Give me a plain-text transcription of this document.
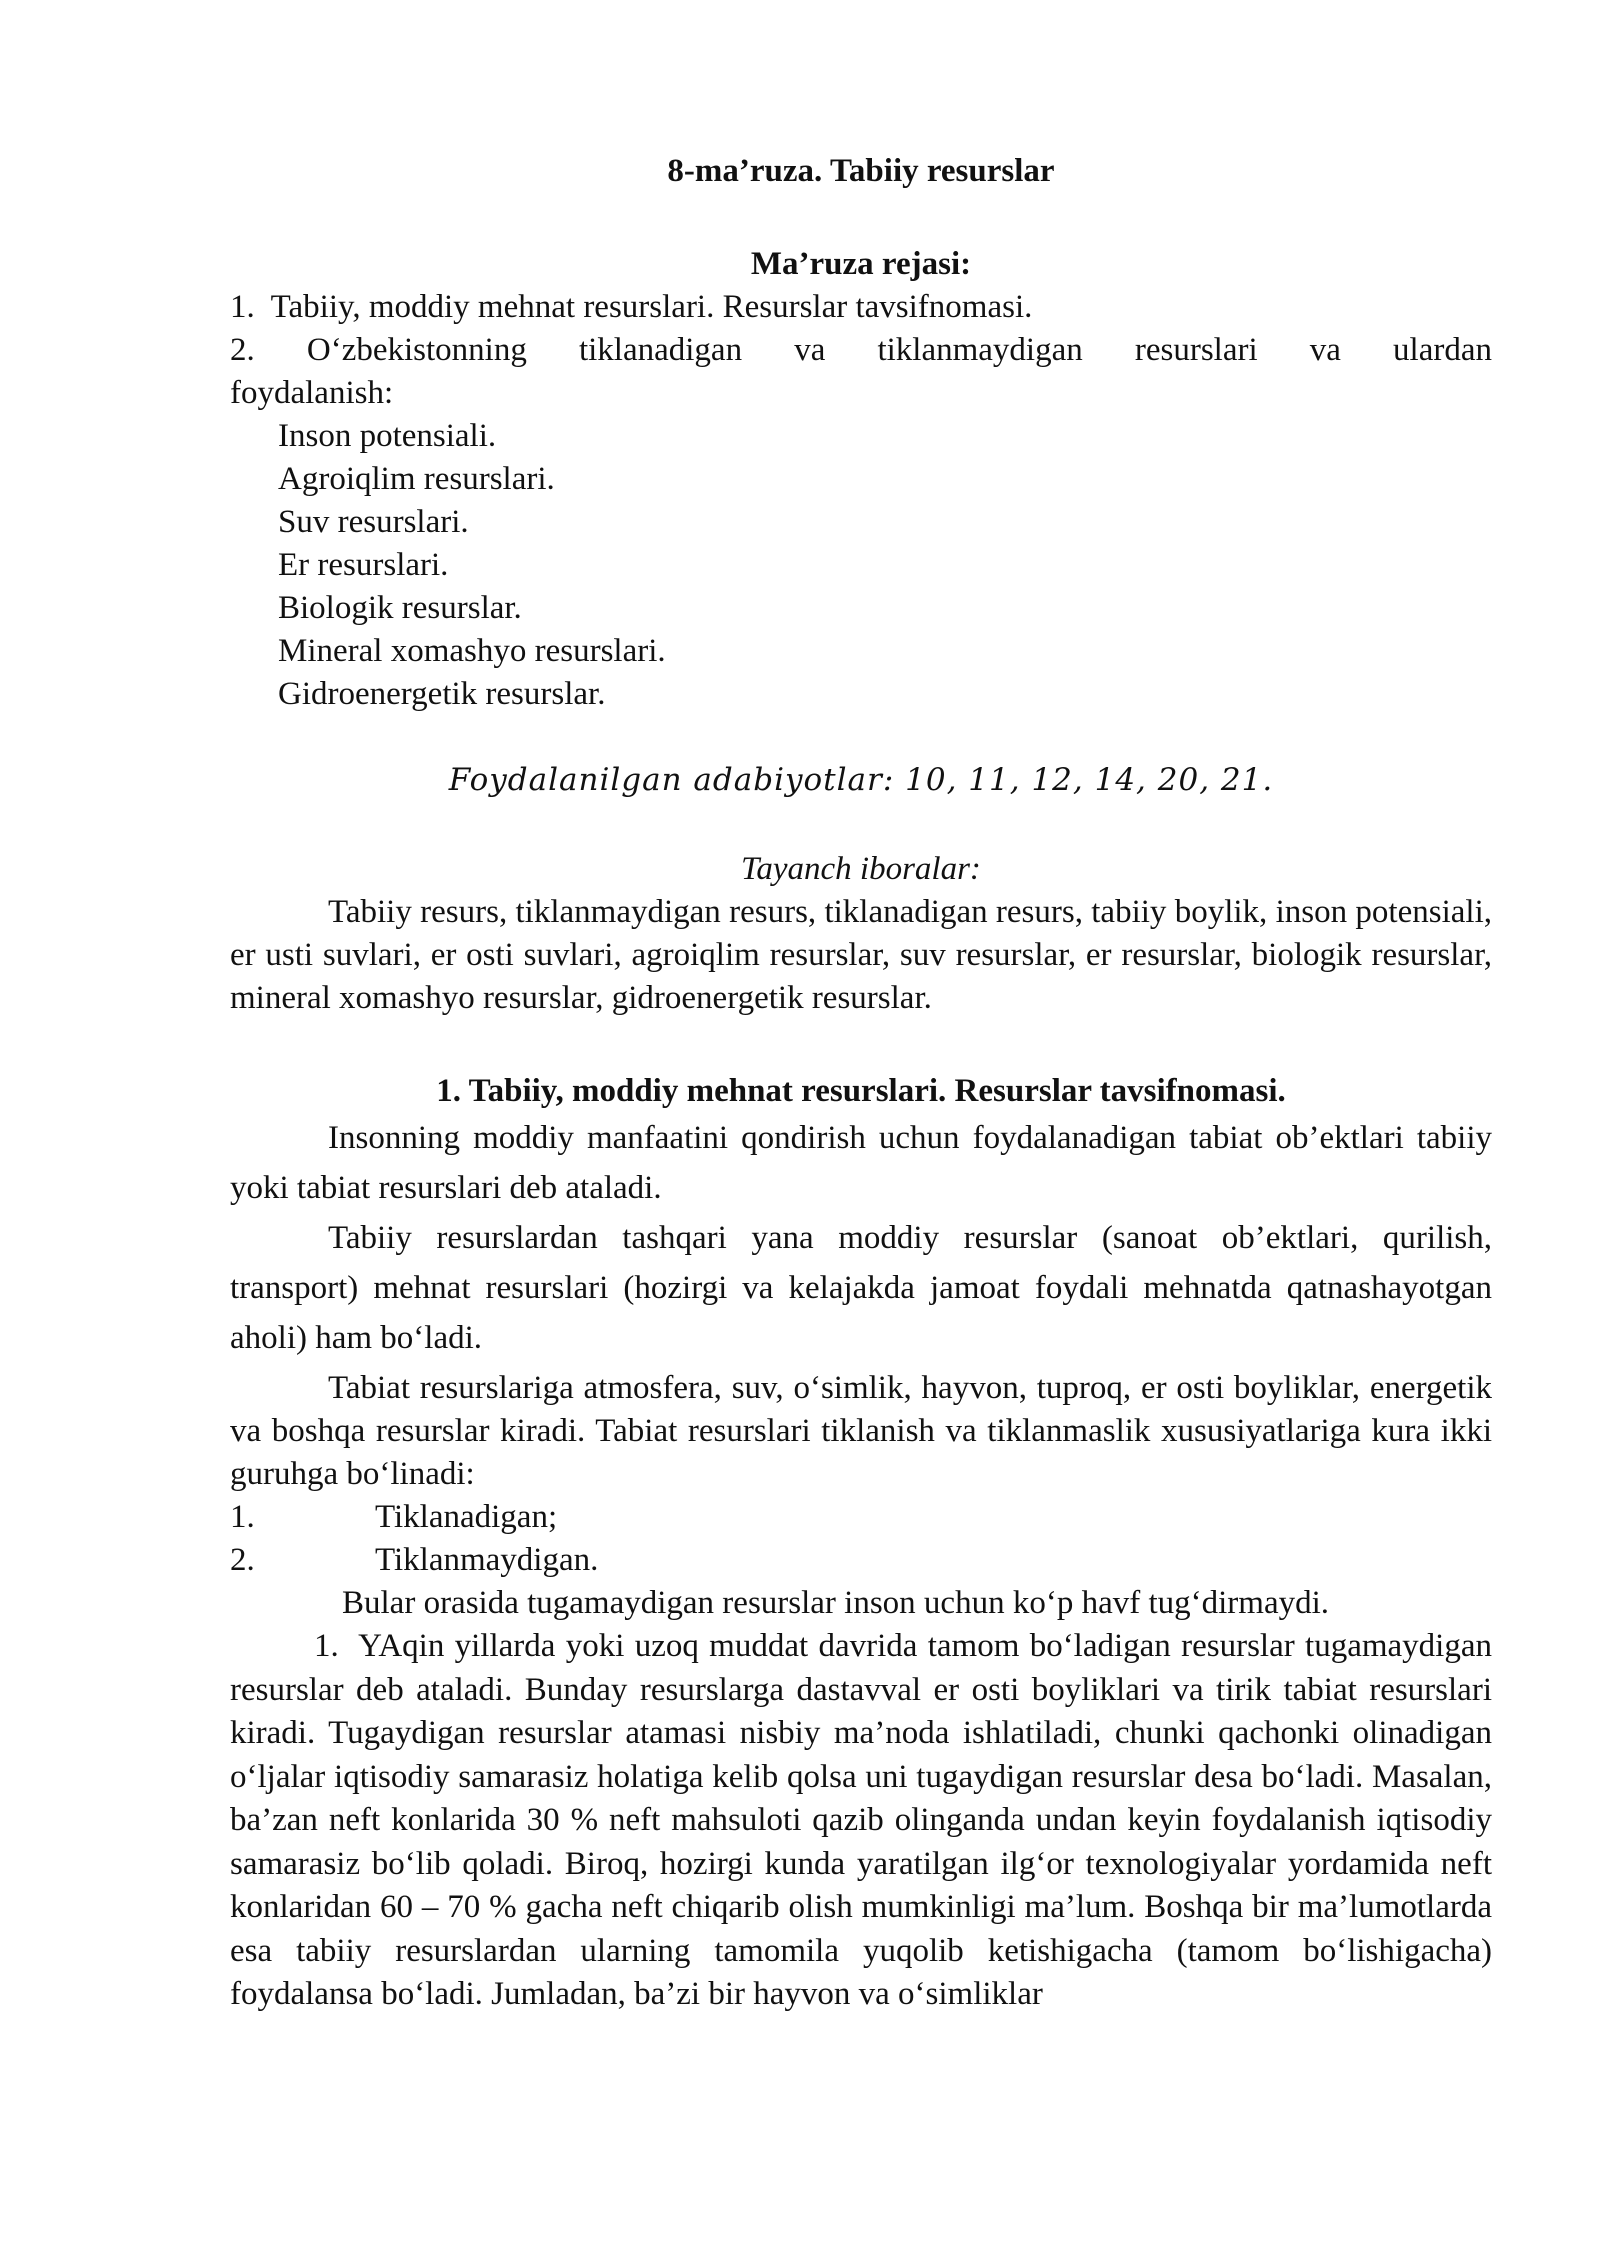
8-ma’ruza. Tabiiy resurslar
Ma’ruza rejasi:
1.  Tabiiy, moddiy mehnat resurslari. Resurslar tavsifnomasi.
2. O‘zbekistonning tiklanadigan va tiklanmaydigan resurslari va ulardan
foydalanish:
Inson potensiali.
Agroiqlim resurslari.
Suv resurslari.
Er resurslari.
Biologik resurslar.
Mineral xomashyo resurslari.
Gidroenergetik resurslar.
Foydalanilgan adabiyotlar: 10, 11, 12, 14, 20, 21.
Tayanch iboralar:
Tabiiy resurs, tiklanmaydigan resurs, tiklanadigan resurs, tabiiy boylik, inson potensiali, er usti suvlari, er osti suvlari, agroiqlim resurslar, suv resurslar, er resurslar, biologik resurslar, mineral xomashyo resurslar, gidroenergetik resurslar.
1. Tabiiy, moddiy mehnat resurslari. Resurslar tavsifnomasi.
Insonning moddiy manfaatini qondirish uchun foydalanadigan tabiat ob’ektlari tabiiy yoki tabiat resurslari deb ataladi.
Tabiiy resurslardan tashqari yana moddiy resurslar (sanoat ob’ektlari, qurilish, transport) mehnat resurslari (hozirgi va kelajakda jamoat foydali mehnatda qatnashayotgan aholi) ham bo‘ladi.
Tabiat resurslariga atmosfera, suv, o‘simlik, hayvon, tuproq, er osti boyliklar, energetik va boshqa resurslar kiradi. Tabiat resurslari tiklanish va tiklanmaslik xususiyatlariga kura ikki guruhga bo‘linadi:
1.	Tiklanadigan;
2.	Tiklanmaydigan.
Bular orasida tugamaydigan resurslar inson uchun ko‘p havf tug‘dirmaydi.
1.  YAqin yillarda yoki uzoq muddat davrida tamom bo‘ladigan resurslar tugamaydigan resurslar deb ataladi. Bunday resurslarga dastavval er osti boyliklari va tirik tabiat resurslari kiradi. Tugaydigan resurslar atamasi nisbiy ma’noda ishlatiladi, chunki qachonki olinadigan o‘ljalar iqtisodiy samarasiz holatiga kelib qolsa uni tugaydigan resurslar desa bo‘ladi. Masalan, ba’zan neft konlarida 30 % neft mahsuloti qazib olinganda undan keyin foydalanish iqtisodiy samarasiz bo‘lib qoladi. Biroq, hozirgi kunda yaratilgan ilg‘or texnologiyalar yordamida neft konlaridan 60 – 70 % gacha neft chiqarib olish mumkinligi ma’lum. Boshqa bir ma’lumotlarda esa tabiiy resurslardan ularning tamomila yuqolib ketishigacha (tamom bo‘lishigacha) foydalansa bo‘ladi. Jumladan, ba’zi bir hayvon va o‘simliklar
